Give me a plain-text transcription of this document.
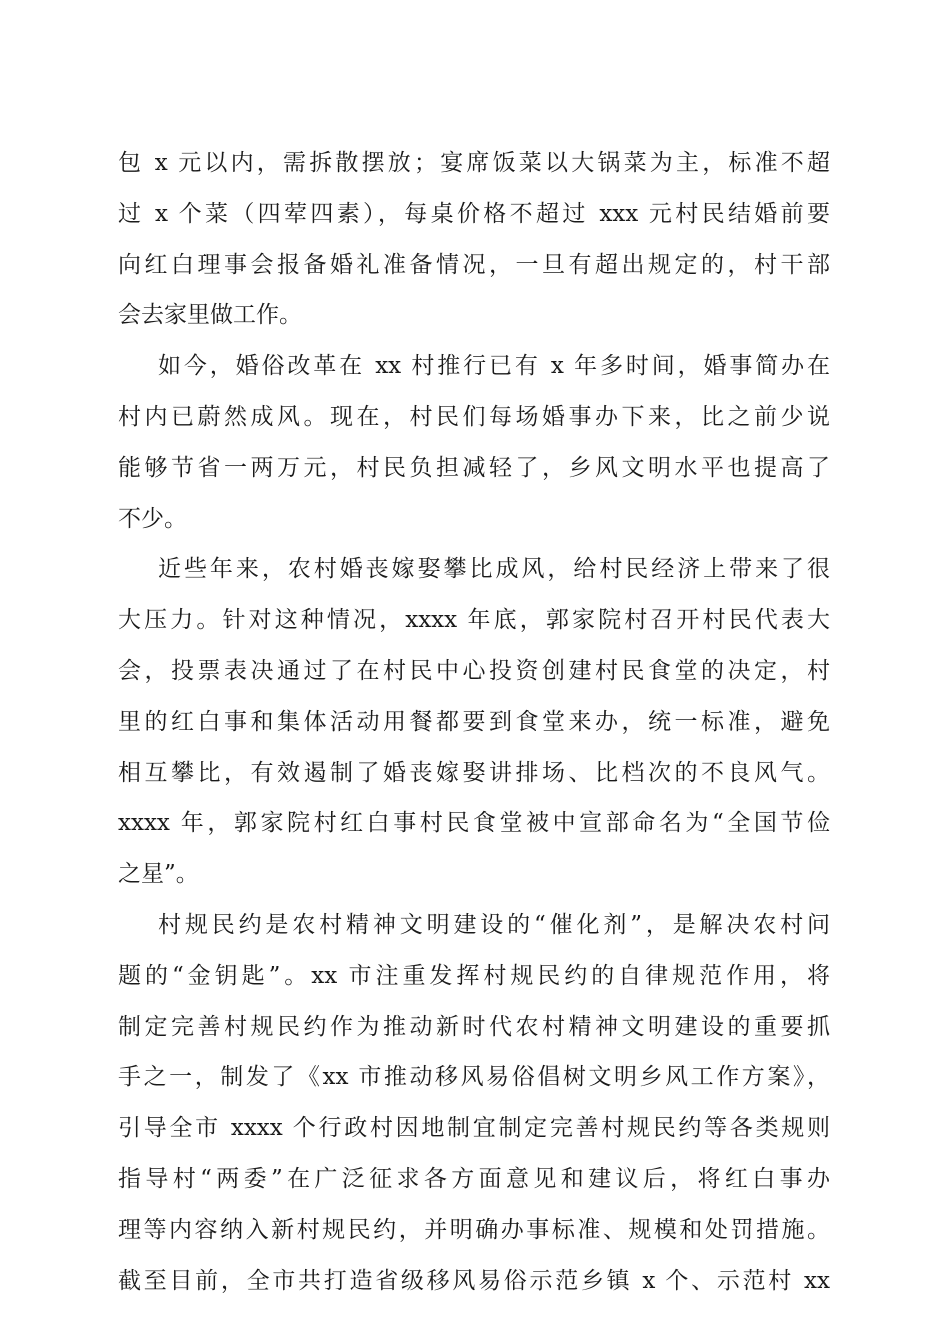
包 x 元以内，需拆散摆放；宴席饭菜以大锅菜为主，标准不超
过 x 个菜（四荤四素），每桌价格不超过 xxx 元村民结婚前要
向红白理事会报备婚礼准备情况，一旦有超出规定的，村干部
会去家里做工作。
如今，婚俗改革在 xx 村推行已有 x 年多时间，婚事简办在
村内已蔚然成风。现在，村民们每场婚事办下来，比之前少说
能够节省一两万元，村民负担减轻了，乡风文明水平也提高了
不少。
近些年来，农村婚丧嫁娶攀比成风，给村民经济上带来了很
大压力。针对这种情况，xxxx 年底，郭家院村召开村民代表大
会，投票表决通过了在村民中心投资创建村民食堂的决定，村
里的红白事和集体活动用餐都要到食堂来办，统一标准，避免
相互攀比，有效遏制了婚丧嫁娶讲排场、比档次的不良风气。
xxxx 年，郭家院村红白事村民食堂被中宣部命名为“全国节俭
之星”。
村规民约是农村精神文明建设的“催化剂”，是解决农村问
题的“金钥匙”。xx 市注重发挥村规民约的自律规范作用，将
制定完善村规民约作为推动新时代农村精神文明建设的重要抓
手之一，制发了《xx 市推动移风易俗倡树文明乡风工作方案》，
引导全市 xxxx 个行政村因地制宜制定完善村规民约等各类规则
指导村“两委”在广泛征求各方面意见和建议后，将红白事办
理等内容纳入新村规民约，并明确办事标准、规模和处罚措施。
截至目前，全市共打造省级移风易俗示范乡镇 x 个、示范村 xx
